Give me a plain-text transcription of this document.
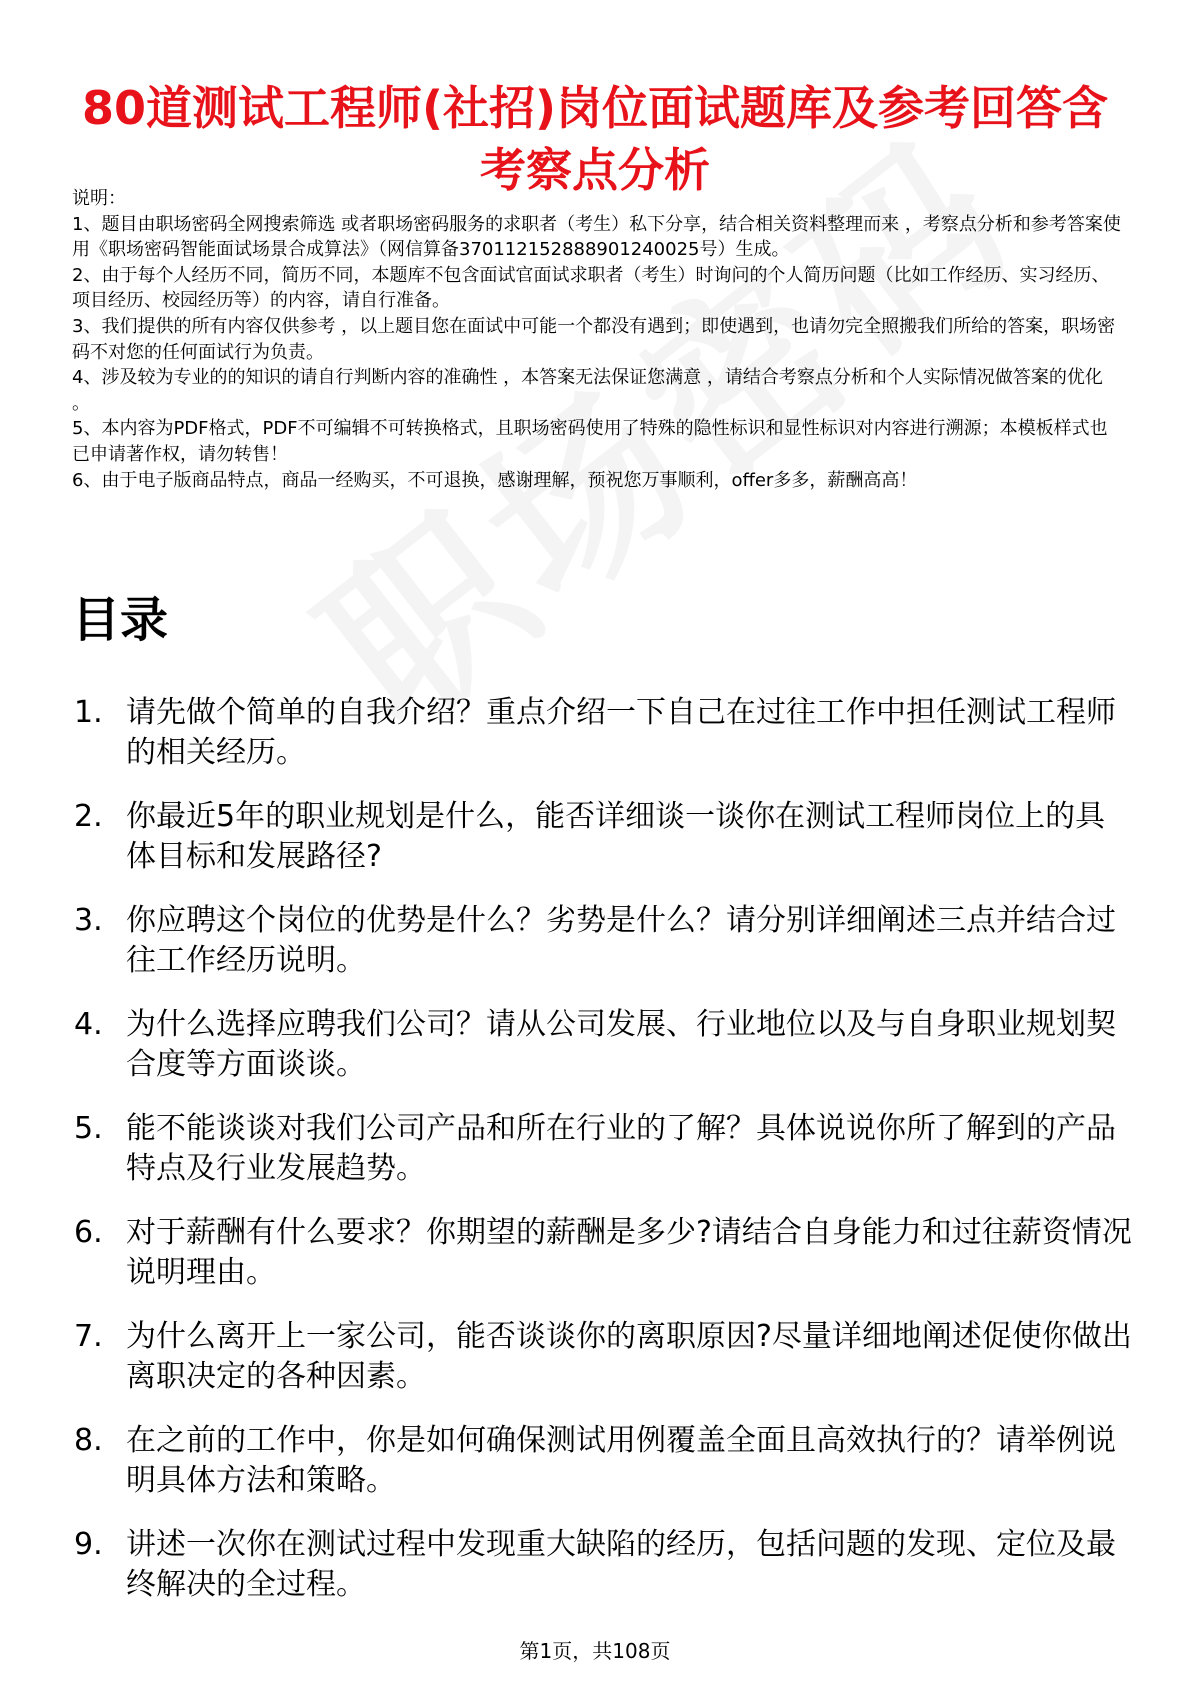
80道测试工程师(社招)岗位面试题库及参考回答含考察点分析

说明：

1、题目由职场密码全网搜索筛选 或者职场密码服务的求职者（考生）私下分享，结合相关资料整理而来 ，考察点分析和参考答案使用《职场密码智能面试场景合成算法》（网信算备370112152888901240025号）生成。

2、由于每个人经历不同，简历不同，本题库不包含面试官面试求职者（考生）时询问的个人简历问题（比如工作经历、实习经历、项目经历、校园经历等）的内容，请自行准备。

3、我们提供的所有内容仅供参考 ，以上题目您在面试中可能一个都没有遇到；即使遇到，也请勿完全照搬我们所给的答案，职场密码不对您的任何面试行为负责。

4、涉及较为专业的的知识的请自行判断内容的准确性 ，本答案无法保证您满意 ，请结合考察点分析和个人实际情况做答案的优化 。

5、本内容为PDF格式，PDF不可编辑不可转换格式，且职场密码使用了特殊的隐性标识和显性标识对内容进行溯源；本模板样式也已申请著作权，请勿转售！

6、由于电子版商品特点，商品一经购买，不可退换，感谢理解，预祝您万事顺利，offer多多，薪酬高高！

目录
1. 请先做个简单的自我介绍？重点介绍一下自己在过往工作中担任测试工程师的相关经历。
2. 你最近5年的职业规划是什么，能否详细谈一谈你在测试工程师岗位上的具体目标和发展路径?
3. 你应聘这个岗位的优势是什么？劣势是什么？请分别详细阐述三点并结合过往工作经历说明。
4. 为什么选择应聘我们公司？请从公司发展、行业地位以及与自身职业规划契合度等方面谈谈。
5. 能不能谈谈对我们公司产品和所在行业的了解？具体说说你所了解到的产品特点及行业发展趋势。
6. 对于薪酬有什么要求？你期望的薪酬是多少?请结合自身能力和过往薪资情况说明理由。
7. 为什么离开上一家公司，能否谈谈你的离职原因?尽量详细地阐述促使你做出离职决定的各种因素。
8. 在之前的工作中，你是如何确保测试用例覆盖全面且高效执行的？请举例说明具体方法和策略。
9. 讲述一次你在测试过程中发现重大缺陷的经历，包括问题的发现、定位及最终解决的全过程。
第1页，共108页
